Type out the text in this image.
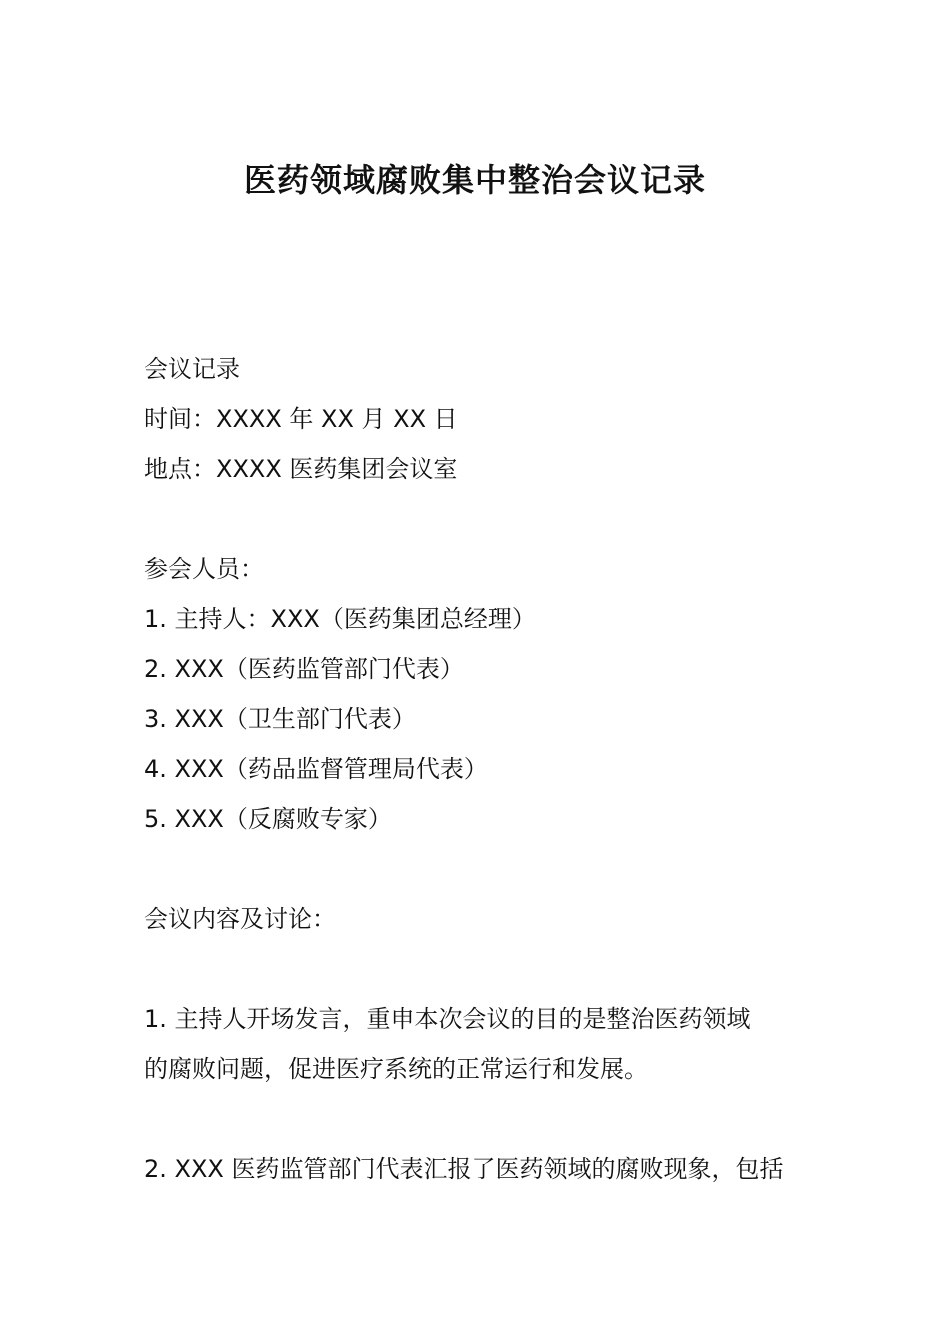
医药领域腐败集中整治会议记录
会议记录
时间：XXXX 年 XX 月 XX 日
地点：XXXX 医药集团会议室
参会人员：
1. 主持人：XXX（医药集团总经理）
2. XXX（医药监管部门代表）
3. XXX（卫生部门代表）
4. XXX（药品监督管理局代表）
5. XXX（反腐败专家）
会议内容及讨论：
1. 主持人开场发言，重申本次会议的目的是整治医药领域
的腐败问题，促进医疗系统的正常运行和发展。
2. XXX 医药监管部门代表汇报了医药领域的腐败现象，包括
